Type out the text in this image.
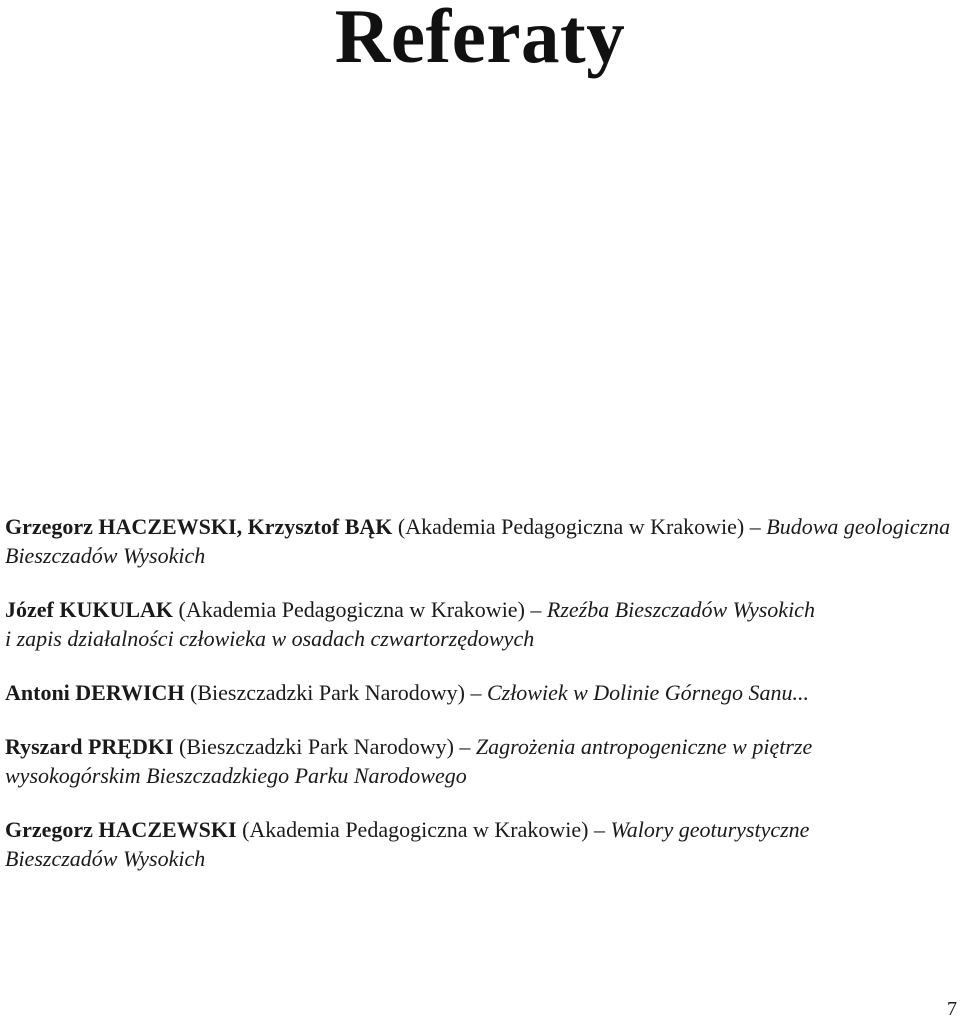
Referaty

Grzegorz HACZEWSKI, Krzysztof BĄK (Akademia Pedagogiczna w Krakowie) – Budowa geologiczna Bieszczadów Wysokich

Józef KUKULAK (Akademia Pedagogiczna w Krakowie) – Rzeźba Bieszczadów Wysokich
i zapis działalności człowieka w osadach czwartorzędowych

Antoni DERWICH (Bieszczadzki Park Narodowy) – Człowiek w Dolinie Górnego Sanu...

Ryszard PRĘDKI (Bieszczadzki Park Narodowy) – Zagrożenia antropogeniczne w piętrze
wysokogórskim Bieszczadzkiego Parku Narodowego

Grzegorz HACZEWSKI (Akademia Pedagogiczna w Krakowie) – Walory geoturystyczne
Bieszczadów Wysokich

7
